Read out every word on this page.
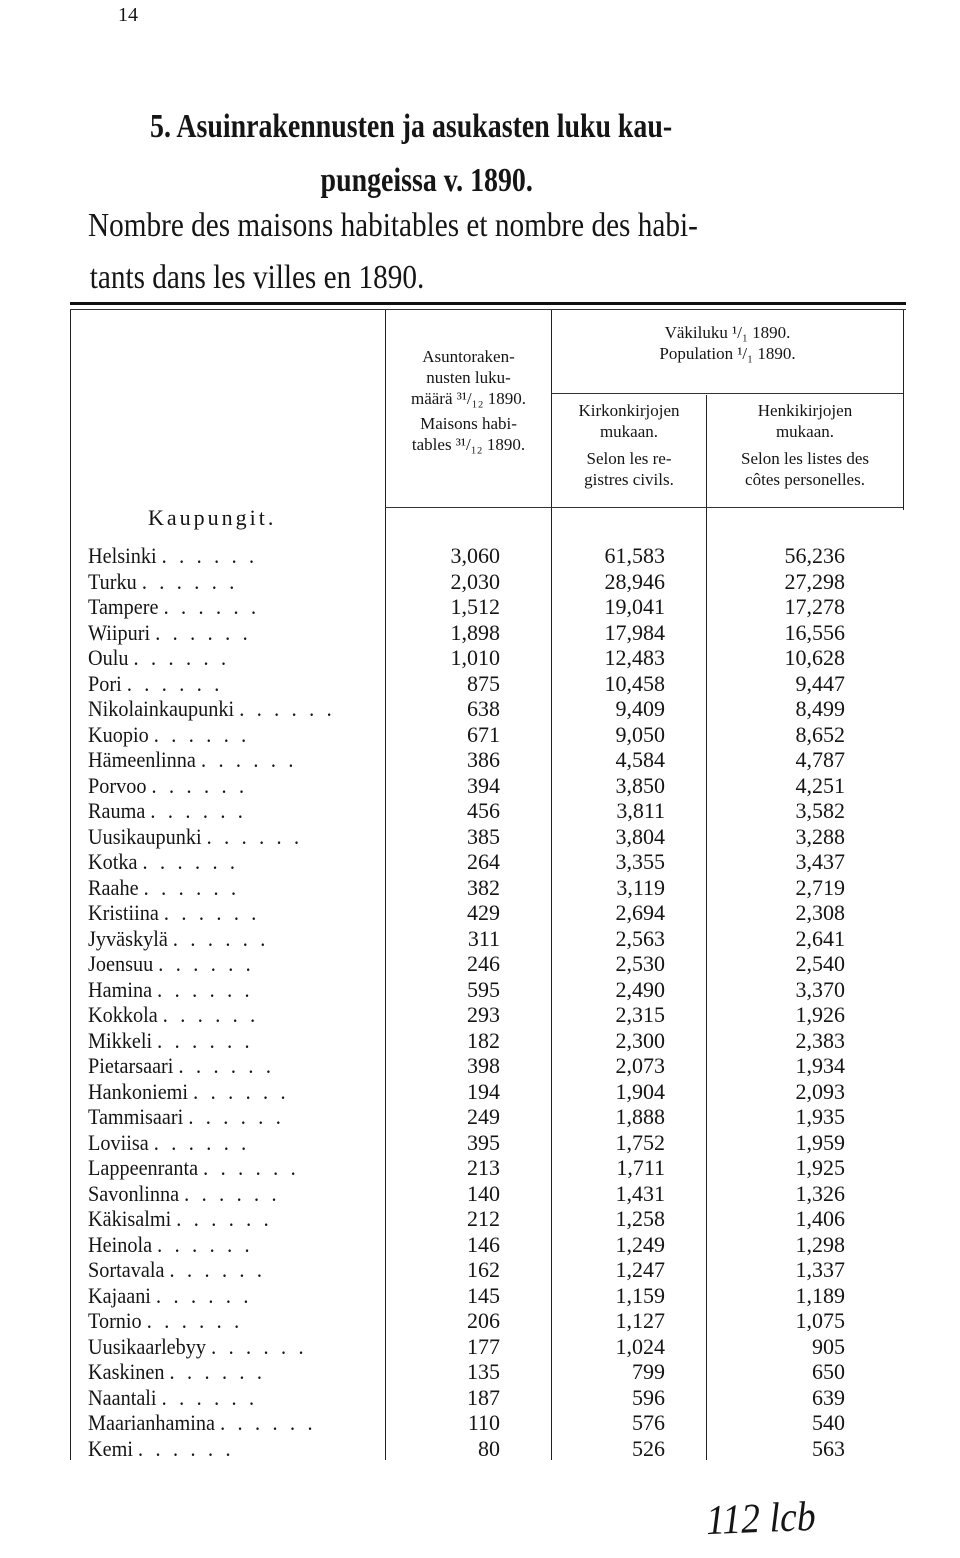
14
5. Asuinrakennusten ja asukasten luku kau-
pungeissa v. 1890.
Nombre des maisons habitables et nombre des habi-
tants dans les villes en 1890.
Asuntoraken-
nusten luku-
määrä ³¹/₁₂ 1890.
Maisons habi-
tables ³¹/₁₂ 1890.
Väkiluku ¹/₁ 1890.
Population ¹/₁ 1890.
Kirkonkirjojen
mukaan.
Selon les re-
gistres civils.
Henkikirjojen
mukaan.
Selon les listes des
côtes personelles.
Kaupungit.
Helsinki . . . . . .	3,060	61,583	56,236
Turku . . . . . .	2,030	28,946	27,298
Tampere . . . . . .	1,512	19,041	17,278
Wiipuri . . . . . .	1,898	17,984	16,556
Oulu . . . . . .	1,010	12,483	10,628
Pori . . . . . .	875	10,458	9,447
Nikolainkaupunki . . . . . .	638	9,409	8,499
Kuopio . . . . . .	671	9,050	8,652
Hämeenlinna . . . . . .	386	4,584	4,787
Porvoo . . . . . .	394	3,850	4,251
Rauma . . . . . .	456	3,811	3,582
Uusikaupunki . . . . . .	385	3,804	3,288
Kotka . . . . . .	264	3,355	3,437
Raahe . . . . . .	382	3,119	2,719
Kristiina . . . . . .	429	2,694	2,308
Jyväskylä . . . . . .	311	2,563	2,641
Joensuu . . . . . .	246	2,530	2,540
Hamina . . . . . .	595	2,490	3,370
Kokkola . . . . . .	293	2,315	1,926
Mikkeli . . . . . .	182	2,300	2,383
Pietarsaari . . . . . .	398	2,073	1,934
Hankoniemi . . . . . .	194	1,904	2,093
Tammisaari . . . . . .	249	1,888	1,935
Loviisa . . . . . .	395	1,752	1,959
Lappeenranta . . . . . .	213	1,711	1,925
Savonlinna . . . . . .	140	1,431	1,326
Käkisalmi . . . . . .	212	1,258	1,406
Heinola . . . . . .	146	1,249	1,298
Sortavala . . . . . .	162	1,247	1,337
Kajaani . . . . . .	145	1,159	1,189
Tornio . . . . . .	206	1,127	1,075
Uusikaarlebyy . . . . . .	177	1,024	905
Kaskinen . . . . . .	135	799	650
Naantali . . . . . .	187	596	639
Maarianhamina . . . . . .	110	576	540
Kemi . . . . . .	80	526	563
112 lcb
